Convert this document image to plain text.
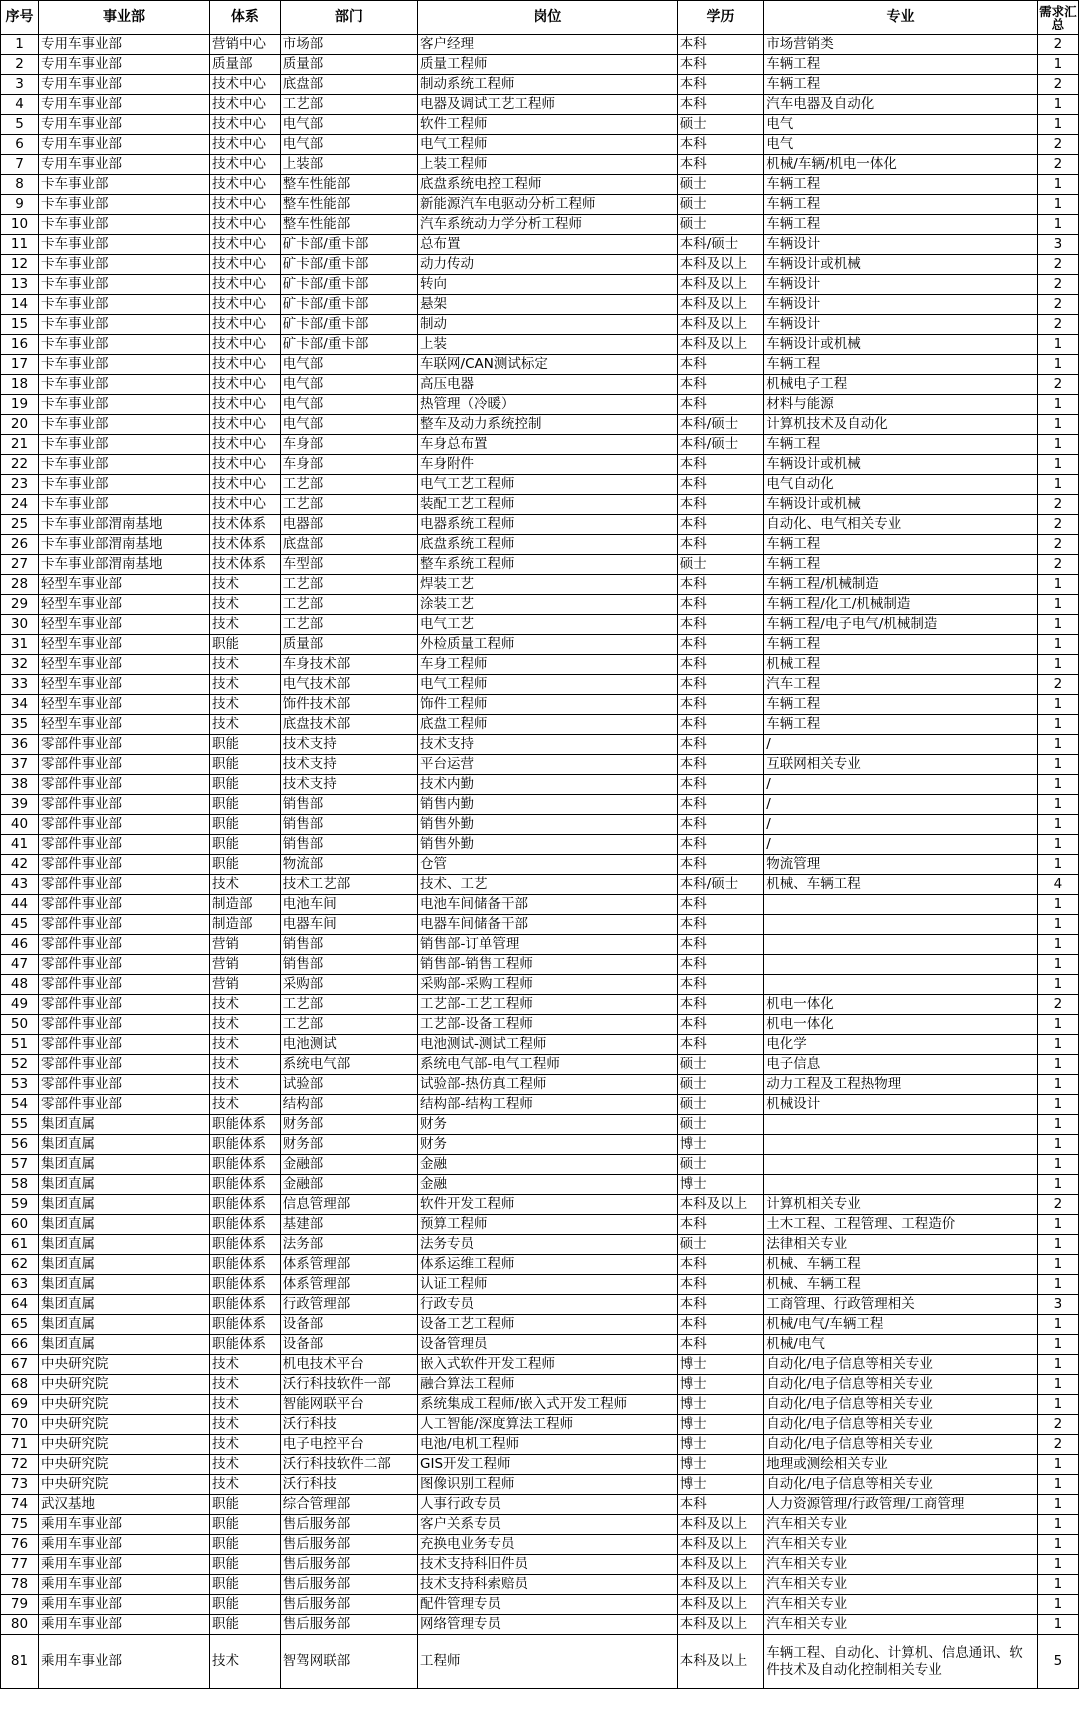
序号	事业部	体系	部门	岗位	学历	专业	需求汇总
1	专用车事业部	营销中心	市场部	客户经理	本科	市场营销类	2
2	专用车事业部	质量部	质量部	质量工程师	本科	车辆工程	1
3	专用车事业部	技术中心	底盘部	制动系统工程师	本科	车辆工程	2
4	专用车事业部	技术中心	工艺部	电器及调试工艺工程师	本科	汽车电器及自动化	1
5	专用车事业部	技术中心	电气部	软件工程师	硕士	电气	1
6	专用车事业部	技术中心	电气部	电气工程师	本科	电气	2
7	专用车事业部	技术中心	上装部	上装工程师	本科	机械/车辆/机电一体化	2
8	卡车事业部	技术中心	整车性能部	底盘系统电控工程师	硕士	车辆工程	1
9	卡车事业部	技术中心	整车性能部	新能源汽车电驱动分析工程师	硕士	车辆工程	1
10	卡车事业部	技术中心	整车性能部	汽车系统动力学分析工程师	硕士	车辆工程	1
11	卡车事业部	技术中心	矿卡部/重卡部	总布置	本科/硕士	车辆设计	3
12	卡车事业部	技术中心	矿卡部/重卡部	动力传动	本科及以上	车辆设计或机械	2
13	卡车事业部	技术中心	矿卡部/重卡部	转向	本科及以上	车辆设计	2
14	卡车事业部	技术中心	矿卡部/重卡部	悬架	本科及以上	车辆设计	2
15	卡车事业部	技术中心	矿卡部/重卡部	制动	本科及以上	车辆设计	2
16	卡车事业部	技术中心	矿卡部/重卡部	上装	本科及以上	车辆设计或机械	1
17	卡车事业部	技术中心	电气部	车联网/CAN测试标定	本科	车辆工程	1
18	卡车事业部	技术中心	电气部	高压电器	本科	机械电子工程	2
19	卡车事业部	技术中心	电气部	热管理（冷暖）	本科	材料与能源	1
20	卡车事业部	技术中心	电气部	整车及动力系统控制	本科/硕士	计算机技术及自动化	1
21	卡车事业部	技术中心	车身部	车身总布置	本科/硕士	车辆工程	1
22	卡车事业部	技术中心	车身部	车身附件	本科	车辆设计或机械	1
23	卡车事业部	技术中心	工艺部	电气工艺工程师	本科	电气自动化	1
24	卡车事业部	技术中心	工艺部	装配工艺工程师	本科	车辆设计或机械	2
25	卡车事业部渭南基地	技术体系	电器部	电器系统工程师	本科	自动化、电气相关专业	2
26	卡车事业部渭南基地	技术体系	底盘部	底盘系统工程师	本科	车辆工程	2
27	卡车事业部渭南基地	技术体系	车型部	整车系统工程师	硕士	车辆工程	2
28	轻型车事业部	技术	工艺部	焊装工艺	本科	车辆工程/机械制造	1
29	轻型车事业部	技术	工艺部	涂装工艺	本科	车辆工程/化工/机械制造	1
30	轻型车事业部	技术	工艺部	电气工艺	本科	车辆工程/电子电气/机械制造	1
31	轻型车事业部	职能	质量部	外检质量工程师	本科	车辆工程	1
32	轻型车事业部	技术	车身技术部	车身工程师	本科	机械工程	1
33	轻型车事业部	技术	电气技术部	电气工程师	本科	汽车工程	2
34	轻型车事业部	技术	饰件技术部	饰件工程师	本科	车辆工程	1
35	轻型车事业部	技术	底盘技术部	底盘工程师	本科	车辆工程	1
36	零部件事业部	职能	技术支持	技术支持	本科	/	1
37	零部件事业部	职能	技术支持	平台运营	本科	互联网相关专业	1
38	零部件事业部	职能	技术支持	技术内勤	本科	/	1
39	零部件事业部	职能	销售部	销售内勤	本科	/	1
40	零部件事业部	职能	销售部	销售外勤	本科	/	1
41	零部件事业部	职能	销售部	销售外勤	本科	/	1
42	零部件事业部	职能	物流部	仓管	本科	物流管理	1
43	零部件事业部	技术	技术工艺部	技术、工艺	本科/硕士	机械、车辆工程	4
44	零部件事业部	制造部	电池车间	电池车间储备干部	本科		1
45	零部件事业部	制造部	电器车间	电器车间储备干部	本科		1
46	零部件事业部	营销	销售部	销售部-订单管理	本科		1
47	零部件事业部	营销	销售部	销售部-销售工程师	本科		1
48	零部件事业部	营销	采购部	采购部-采购工程师	本科		1
49	零部件事业部	技术	工艺部	工艺部-工艺工程师	本科	机电一体化	2
50	零部件事业部	技术	工艺部	工艺部-设备工程师	本科	机电一体化	1
51	零部件事业部	技术	电池测试	电池测试-测试工程师	本科	电化学	1
52	零部件事业部	技术	系统电气部	系统电气部-电气工程师	硕士	电子信息	1
53	零部件事业部	技术	试验部	试验部-热仿真工程师	硕士	动力工程及工程热物理	1
54	零部件事业部	技术	结构部	结构部-结构工程师	硕士	机械设计	1
55	集团直属	职能体系	财务部	财务	硕士		1
56	集团直属	职能体系	财务部	财务	博士		1
57	集团直属	职能体系	金融部	金融	硕士		1
58	集团直属	职能体系	金融部	金融	博士		1
59	集团直属	职能体系	信息管理部	软件开发工程师	本科及以上	计算机相关专业	2
60	集团直属	职能体系	基建部	预算工程师	本科	土木工程、工程管理、工程造价	1
61	集团直属	职能体系	法务部	法务专员	硕士	法律相关专业	1
62	集团直属	职能体系	体系管理部	体系运维工程师	本科	机械、车辆工程	1
63	集团直属	职能体系	体系管理部	认证工程师	本科	机械、车辆工程	1
64	集团直属	职能体系	行政管理部	行政专员	本科	工商管理、行政管理相关	3
65	集团直属	职能体系	设备部	设备工艺工程师	本科	机械/电气/车辆工程	1
66	集团直属	职能体系	设备部	设备管理员	本科	机械/电气	1
67	中央研究院	技术	机电技术平台	嵌入式软件开发工程师	博士	自动化/电子信息等相关专业	1
68	中央研究院	技术	沃行科技软件一部	融合算法工程师	博士	自动化/电子信息等相关专业	1
69	中央研究院	技术	智能网联平台	系统集成工程师/嵌入式开发工程师	博士	自动化/电子信息等相关专业	1
70	中央研究院	技术	沃行科技	人工智能/深度算法工程师	博士	自动化/电子信息等相关专业	2
71	中央研究院	技术	电子电控平台	电池/电机工程师	博士	自动化/电子信息等相关专业	2
72	中央研究院	技术	沃行科技软件二部	GIS开发工程师	博士	地理或测绘相关专业	1
73	中央研究院	技术	沃行科技	图像识别工程师	博士	自动化/电子信息等相关专业	1
74	武汉基地	职能	综合管理部	人事行政专员	本科	人力资源管理/行政管理/工商管理	1
75	乘用车事业部	职能	售后服务部	客户关系专员	本科及以上	汽车相关专业	1
76	乘用车事业部	职能	售后服务部	充换电业务专员	本科及以上	汽车相关专业	1
77	乘用车事业部	职能	售后服务部	技术支持科旧件员	本科及以上	汽车相关专业	1
78	乘用车事业部	职能	售后服务部	技术支持科索赔员	本科及以上	汽车相关专业	1
79	乘用车事业部	职能	售后服务部	配件管理专员	本科及以上	汽车相关专业	1
80	乘用车事业部	职能	售后服务部	网络管理专员	本科及以上	汽车相关专业	1
81	乘用车事业部	技术	智驾网联部	工程师	本科及以上	车辆工程、自动化、计算机、信息通讯、软件技术及自动化控制相关专业	5
